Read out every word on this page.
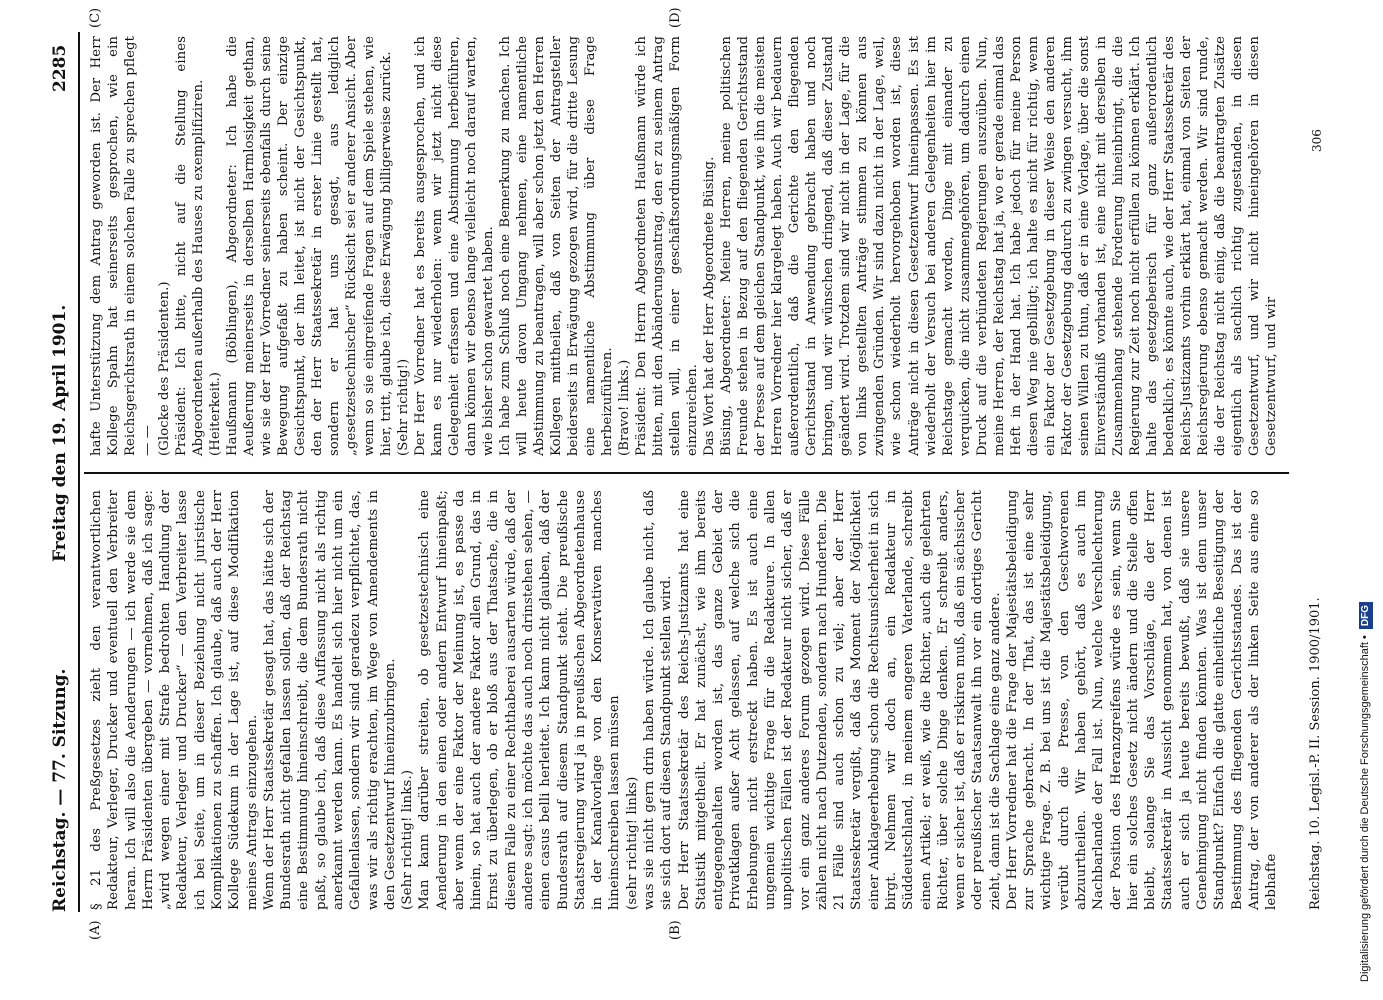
Reichstag. — 77. Sitzung.
Freitag den 19. April 1901.
2285
(A)	(B)
(C)	(D)
§ 21 des Preßgesetzes zieht den verantwortlichen Redakteur, Verleger, Drucker und eventuell den Verbreiter heran. Ich will also die Aenderungen — ich werde sie dem Herrn Präsidenten übergeben — vornehmen, daß ich sage: „wird wegen einer mit Strafe bedrohten Handlung der Redakteur, Verleger und Drucker“ — den Verbreiter lasse ich bei Seite, um in dieser Beziehung nicht juristische Komplikationen zu schaffen. Ich glaube, daß auch der Herr Kollege Südekum in der Lage ist, auf diese Modifikation meines Antrags einzugehen.
Wenn der Herr Staatssekretär gesagt hat, das hätte sich der Bundesrath nicht gefallen lassen sollen, daß der Reichstag eine Bestimmung hineinschreibt, die dem Bundesrath nicht paßt, so glaube ich, daß diese Auffassung nicht als richtig anerkannt werden kann. Es handelt sich hier nicht um ein Gefallenlassen, sondern wir sind geradezu verpflichtet, das, was wir als richtig erachten, im Wege von Amendements in den Gesetzentwurf hineinzubringen.
(Sehr richtig! links.)
Man kann darüber streiten, ob gesetzestechnisch eine Aenderung in den einen oder andern Entwurf hineinpaßt; aber wenn der eine Faktor der Meinung ist, es passe da hinein, so hat auch der andere Faktor allen Grund, das in Ernst zu überlegen, ob er bloß aus der Thatsache, die in diesem Falle zu einer Rechthaberei ausarten würde, daß der andere sagt: ich möchte das auch noch drinstehen sehen, — einen casus belli herleitet. Ich kann nicht glauben, daß der Bundesrath auf diesem Standpunkt steht. Die preußische Staatsregierung wird ja in preußischen Abgeordnetenhause in der Kanalvorlage von den Konservativen manches hineinschreiben lassen müssen
(sehr richtig! links)
was sie nicht gern drin haben würde. Ich glaube nicht, daß sie sich dort auf diesen Standpunkt stellen wird.
Der Herr Staatssekretär des Reichs-Justizamts hat eine Statistik mitgetheilt. Er hat zunächst, wie ihm bereits entgegengehalten worden ist, das ganze Gebiet der Privatklagen außer Acht gelassen, auf welche sich die Erhebungen nicht erstreckt haben. Es ist auch eine ungemein wichtige Frage für die Redakteure. In allen unpolitischen Fällen ist der Redakteur nicht sicher, daß er vor ein ganz anderes Forum gezogen wird. Diese Fälle zählen nicht nach Dutzenden, sondern nach Hunderten. Die 21 Fälle sind auch schon zu viel; aber der Herr Staatssekretär vergißt, daß das Moment der Möglichkeit einer Anklageerhebung schon die Rechtsunsicherheit in sich birgt. Nehmen wir doch an, ein Redakteur in Süddeutschland, in meinem engeren Vaterlande, schreibt einen Artikel; er weiß, wie die Richter, auch die gelehrten Richter, über solche Dinge denken. Er schreibt anders, wenn er sicher ist, daß er riskiren muß, daß ein sächsischer oder preußischer Staatsanwalt ihn vor ein dortiges Gericht zieht, dann ist die Sachlage eine ganz andere.
Der Herr Vorredner hat die Frage der Majestätsbeleidigung zur Sprache gebracht. In der That, das ist eine sehr wichtige Frage. Z. B. bei uns ist die Majestätsbeleidigung, verübt durch die Presse, von den Geschworenen abzuurtheilen. Wir haben gehört, daß es auch im Nachbarlande der Fall ist. Nun, welche Verschlechterung der Position des Heranzgreifens würde es sein, wenn Sie hier ein solches Gesetz nicht ändern und die Stelle offen bleibt, solange Sie das Vorschläge, die der Herr Staatssekretär in Aussicht genommen hat, von denen ist auch er sich ja heute bereits bewußt, daß sie unsere Genehmigung nicht finden könnten. Was ist denn unser Standpunkt? Einfach die glatte einheitliche Beseitigung der Bestimmung des fliegenden Gerichtsstandes. Das ist der Antrag, der von anderer als der linken Seite aus eine so lebhafte
hafte Unterstützung dem Antrag geworden ist. Der Herr Kollege Spahn hat seinerseits gesprochen, wie ein Reichsgerichtsrath in einem solchen Falle zu sprechen pflegt — —
(Glocke des Präsidenten.)
Präsident: Ich bitte, nicht auf die Stellung eines Abgeordneten außerhalb des Hauses zu exemplifiziren.
(Heiterkeit.)
Haußmann (Böblingen), Abgeordneter: Ich habe die Aeußerung meinerseits in derselben Harmlosigkeit gethan, wie sie der Herr Vorredner seinerseits ebenfalls durch seine Bewegung aufgefaßt zu haben scheint. Der einzige Gesichtspunkt, der ihn leitet, ist nicht der Gesichtspunkt, den der Herr Staatssekretär in erster Linie gestellt hat, sondern er hat uns gesagt, aus lediglich „gesetzestechnischer“ Rücksicht sei er anderer Ansicht. Aber wenn so sie eingreifende Fragen auf dem Spiele stehen, wie hier, tritt, glaube ich, diese Erwägung billigerweise zurück.
(Sehr richtig!)
Der Herr Vorredner hat es bereits ausgesprochen, und ich kann es nur wiederholen: wenn wir jetzt nicht diese Gelegenheit erfassen und eine Abstimmung herbeiführen, dann können wir ebenso lange vielleicht noch darauf warten, wie bisher schon gewartet haben.
Ich habe zum Schluß noch eine Bemerkung zu machen. Ich will heute davon Umgang nehmen, eine namentliche Abstimmung zu beantragen, will aber schon jetzt den Herren Kollegen mittheilen, daß von Seiten der Antragsteller beiderseits in Erwägung gezogen wird, für die dritte Lesung eine namentliche Abstimmung über diese Frage herbeizuführen.
(Bravo! links.)
Präsident: Den Herrn Abgeordneten Haußmann würde ich bitten, mit den Abänderungsantrag, den er zu seinem Antrag stellen will, in einer geschäftsordnungsmäßigen Form einzureichen.
Das Wort hat der Herr Abgeordnete Büsing.
Büsing, Abgeordneter: Meine Herren, meine politischen Freunde stehen in Bezug auf den fliegenden Gerichtsstand der Presse auf dem gleichen Standpunkt, wie ihn die meisten Herren Vorredner hier klargelegt haben. Auch wir bedauern außerordentlich, daß die Gerichte den fliegenden Gerichtsstand in Anwendung gebracht haben und noch bringen, und wir wünschen dringend, daß dieser Zustand geändert wird. Trotzdem sind wir nicht in der Lage, für die von links gestellten Anträge stimmen zu können aus zwingenden Gründen. Wir sind dazu nicht in der Lage, weil, wie schon wiederholt hervorgehoben worden ist, diese Anträge nicht in diesen Gesetzentwurf hineinpassen. Es ist wiederholt der Versuch bei anderen Gelegenheiten hier im Reichstage gemacht worden, Dinge mit einander zu verquicken, die nicht zusammengehören, um dadurch einen Druck auf die verbündeten Regierungen auszuüben. Nun, meine Herren, der Reichstag hat ja, wo er gerade einmal das Heft in der Hand hat. Ich habe jedoch für meine Person diesen Weg nie gebilligt; ich halte es nicht für richtig, wenn ein Faktor der Gesetzgebung in dieser Weise den anderen Faktor der Gesetzgebung dadurch zu zwingen versucht, ihm seinen Willen zu thun, daß er in eine Vorlage, über die sonst Einverständniß vorhanden ist, eine nicht mit derselben in Zusammenhang stehende Forderung hineinbringt, die die Regierung zur Zeit noch nicht erfüllen zu können erklärt. Ich halte das gesetzgeberisch für ganz außerordentlich bedenklich; es könnte auch, wie der Herr Staatssekretär des Reichs-Justizamts vorhin erklärt hat, einmal von Seiten der Reichsregierung ebenso gemacht werden. Wir sind runde, die der Reichstag nicht einig, daß die beantragten Zusätze eigentlich als sachlich richtig zugestanden, in diesen Gesetzentwurf, und wir nicht hineingehören in diesen Gesetzentwurf, und wir
Reichstag. 10. Legisl.-P. II. Session. 1900/1901.
306
Digitalisierung gefördert durch die Deutsche Forschungsgemeinschaft •DFG
